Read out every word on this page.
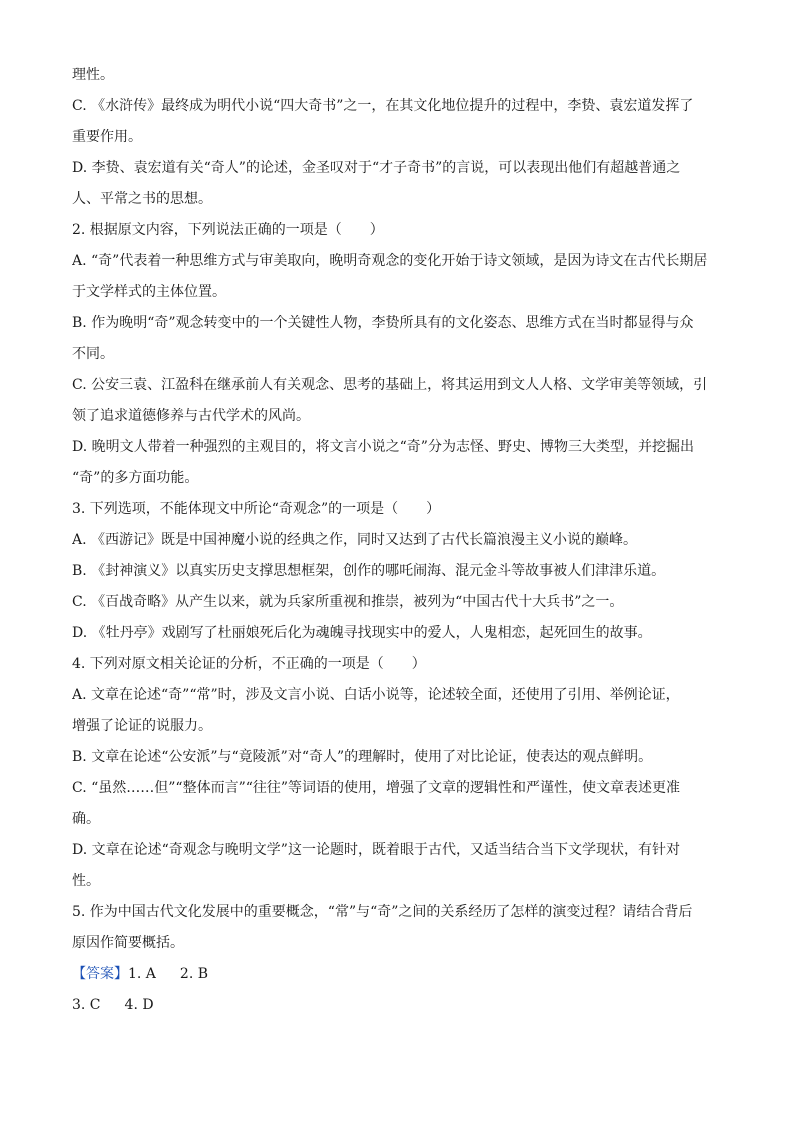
理性。
C. 《水浒传》最终成为明代小说“四大奇书”之一，在其文化地位提升的过程中，李贽、袁宏道发挥了
重要作用。
D. 李贽、袁宏道有关“奇人”的论述，金圣叹对于“才子奇书”的言说，可以表现出他们有超越普通之
人、平常之书的思想。
2. 根据原文内容，下列说法正确的一项是（　　）
A. “奇”代表着一种思维方式与审美取向，晚明奇观念的变化开始于诗文领域，是因为诗文在古代长期居
于文学样式的主体位置。
B. 作为晚明“奇”观念转变中的一个关键性人物，李贽所具有的文化姿态、思维方式在当时都显得与众
不同。
C. 公安三袁、江盈科在继承前人有关观念、思考的基础上，将其运用到文人人格、文学审美等领域，引
领了追求道德修养与古代学术的风尚。
D. 晚明文人带着一种强烈的主观目的，将文言小说之“奇”分为志怪、野史、博物三大类型，并挖掘出
“奇”的多方面功能。
3. 下列选项，不能体现文中所论“奇观念”的一项是（　　）
A. 《西游记》既是中国神魔小说的经典之作，同时又达到了古代长篇浪漫主义小说的巅峰。
B. 《封神演义》以真实历史支撑思想框架，创作的哪吒闹海、混元金斗等故事被人们津津乐道。
C. 《百战奇略》从产生以来，就为兵家所重视和推崇，被列为“中国古代十大兵书”之一。
D. 《牡丹亭》戏剧写了杜丽娘死后化为魂魄寻找现实中的爱人，人鬼相恋，起死回生的故事。
4. 下列对原文相关论证的分析，不正确的一项是（　　）
A. 文章在论述“奇”“常”时，涉及文言小说、白话小说等，论述较全面，还使用了引用、举例论证，
增强了论证的说服力。
B. 文章在论述“公安派”与“竟陵派”对“奇人”的理解时，使用了对比论证，使表达的观点鲜明。
C. “虽然……但”“整体而言”“往往”等词语的使用，增强了文章的逻辑性和严谨性，使文章表述更准
确。
D. 文章在论述“奇观念与晚明文学”这一论题时，既着眼于古代，又适当结合当下文学现状，有针对
性。
5. 作为中国古代文化发展中的重要概念，“常”与“奇”之间的关系经历了怎样的演变过程？请结合背后
原因作简要概括。
【答案】1. A 2. B
3. C 4. D
